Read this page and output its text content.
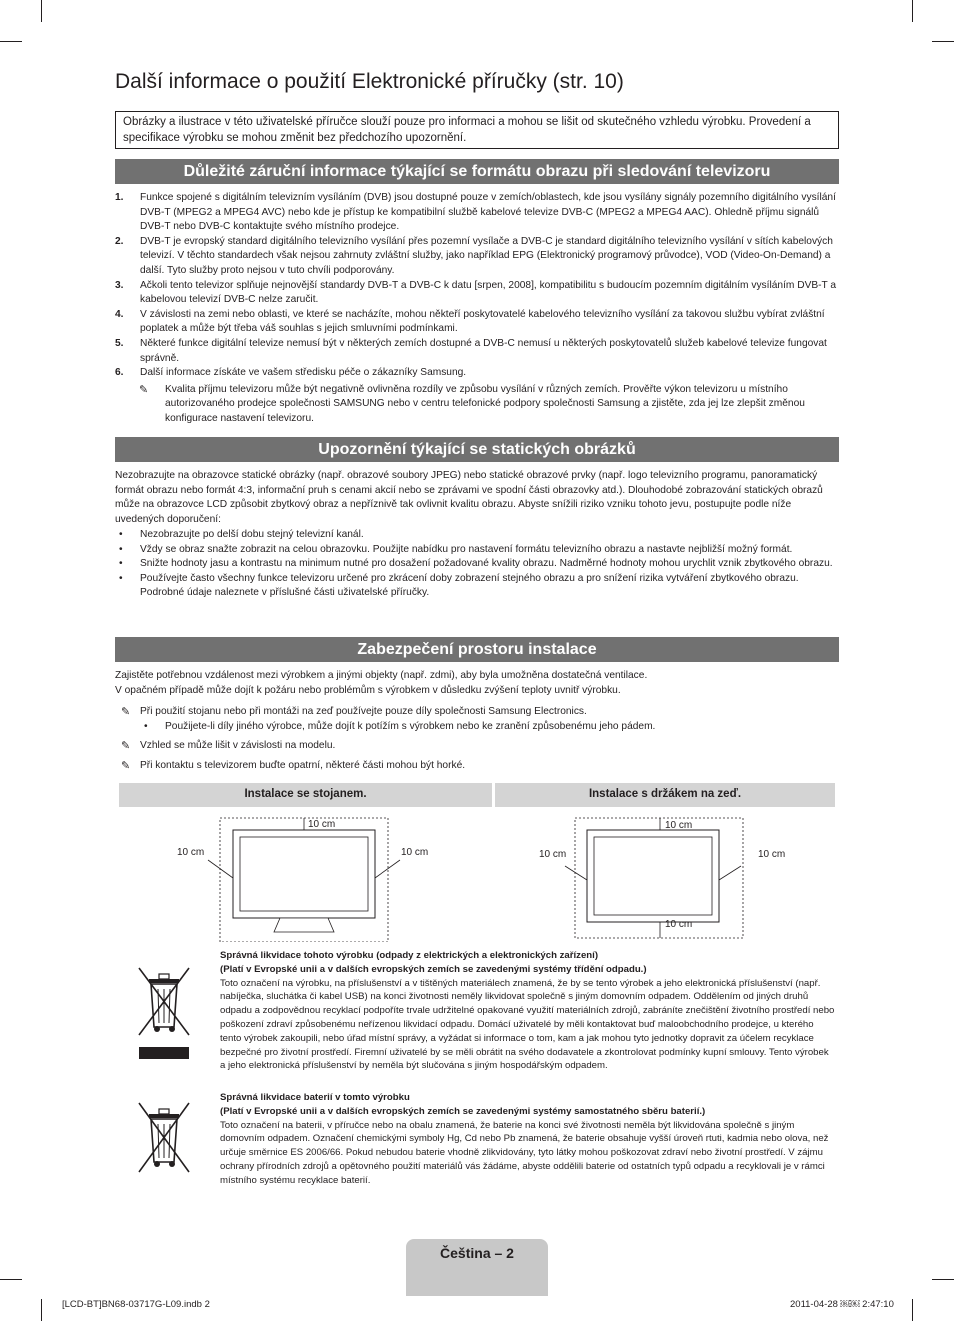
Další informace o použití Elektronické příručky (str. 10)
Obrázky a ilustrace v této uživatelské příručce slouží pouze pro informaci a mohou se lišit od skutečného vzhledu výrobku. Provedení a specifikace výrobku se mohou změnit bez předchozího upozornění.
Důležité záruční informace týkající se formátu obrazu při sledování televizoru
1. Funkce spojené s digitálním televizním vysíláním (DVB) jsou dostupné pouze v zemích/oblastech, kde jsou vysílány signály pozemního digitálního vysílání DVB-T (MPEG2 a MPEG4 AVC) nebo kde je přístup ke kompatibilní službě kabelové televize DVB-C (MPEG2 a MPEG4 AAC). Ohledně příjmu signálů DVB-T nebo DVB-C kontaktujte svého místního prodejce.
2. DVB-T je evropský standard digitálního televizního vysílání přes pozemní vysílače a DVB-C je standard digitálního televizního vysílání v sítích kabelových televizí. V těchto standardech však nejsou zahrnuty zvláštní služby, jako například EPG (Elektronický programový průvodce), VOD (Video-On-Demand) a další. Tyto služby proto nejsou v tuto chvíli podporovány.
3. Ačkoli tento televizor splňuje nejnovější standardy DVB-T a DVB-C k datu [srpen, 2008], kompatibilitu s budoucím pozemním digitálním vysíláním DVB-T a kabelovou televizí DVB-C nelze zaručit.
4. V závislosti na zemi nebo oblasti, ve které se nacházíte, mohou někteří poskytovatelé kabelového televizního vysílání za takovou službu vybírat zvláštní poplatek a může být třeba váš souhlas s jejich smluvními podmínkami.
5. Některé funkce digitální televize nemusí být v některých zemích dostupné a DVB-C nemusí u některých poskytovatelů služeb kabelové televize fungovat správně.
6. Další informace získáte ve vašem středisku péče o zákazníky Samsung.
✎ Kvalita příjmu televizoru může být negativně ovlivněna rozdíly ve způsobu vysílání v různých zemích. Prověřte výkon televizoru u místního autorizovaného prodejce společnosti SAMSUNG nebo v centru telefonické podpory společnosti Samsung a zjistěte, zda jej lze zlepšit změnou konfigurace nastavení televizoru.
Upozornění týkající se statických obrázků

Nezobrazujte na obrazovce statické obrázky (např. obrazové soubory JPEG) nebo statické obrazové prvky (např. logo televizního programu, panoramatický formát obrazu nebo formát 4:3, informační pruh s cenami akcií nebo se zprávami ve spodní části obrazovky atd.). Dlouhodobé zobrazování statických obrazů může na obrazovce LCD způsobit zbytkový obraz a nepříznivě tak ovlivnit kvalitu obrazu. Abyste snížili riziko vzniku tohoto jevu, postupujte podle níže uvedených doporučení:

• Nezobrazujte po delší dobu stejný televizní kanál.
• Vždy se obraz snažte zobrazit na celou obrazovku. Použijte nabídku pro nastavení formátu televizního obrazu a nastavte nejbližší možný formát.
• Snižte hodnoty jasu a kontrastu na minimum nutné pro dosažení požadované kvality obrazu. Nadměrné hodnoty mohou urychlit vznik zbytkového obrazu.
• Používejte často všechny funkce televizoru určené pro zkrácení doby zobrazení stejného obrazu a pro snížení rizika vytváření zbytkového obrazu. Podrobné údaje naleznete v příslušné části uživatelské příručky.
Zabezpečení prostoru instalace
Zajistěte potřebnou vzdálenost mezi výrobkem a jinými objekty (např. zdmi), aby byla umožněna dostatečná ventilace.
V opačném případě může dojít k požáru nebo problémům s výrobkem v důsledku zvýšení teploty uvnitř výrobku.
✎ Při použití stojanu nebo při montáži na zeď používejte pouze díly společnosti Samsung Electronics.
• Použijete-li díly jiného výrobce, může dojít k potížím s výrobkem nebo ke zranění způsobenému jeho pádem.
✎ Vzhled se může lišit v závislosti na modelu.
✎ Při kontaktu s televizorem buďte opatrní, některé části mohou být horké.
Instalace se stojanem.	Instalace s držákem na zeď.
10 cm
10 cm	10 cm
10 cm
10 cm	10 cm
10 cm
Správná likvidace tohoto výrobku (odpady z elektrických a elektronických zařízení)
(Platí v Evropské unii a v dalších evropských zemích se zavedenými systémy třídění odpadu.)
Toto označení na výrobku, na příslušenství a v tištěných materiálech znamená, že by se tento výrobek a jeho elektronická příslušenství (např. nabíječka, sluchátka či kabel USB) na konci životnosti neměly likvidovat společně s jiným domovním odpadem. Oddělením od jiných druhů odpadu a zodpovědnou recyklací podpoříte trvale udržitelné opakované využití materiálních zdrojů, zabráníte znečištění životního prostředí nebo poškození zdraví způsobenému neřízenou likvidací odpadu. Domácí uživatelé by měli kontaktovat buď maloobchodního prodejce, u kterého tento výrobek zakoupili, nebo úřad místní správy, a vyžádat si informace o tom, kam a jak mohou tyto jednotky dopravit za účelem recyklace bezpečné pro životní prostředí. Firemní uživatelé by se měli obrátit na svého dodavatele a zkontrolovat podmínky kupní smlouvy. Tento výrobek a jeho elektronická příslušenství by neměla být slučována s jiným hospodářským odpadem.
Správná likvidace baterií v tomto výrobku
(Platí v Evropské unii a v dalších evropských zemích se zavedenými systémy samostatného sběru baterií.)
Toto označení na baterii, v příručce nebo na obalu znamená, že baterie na konci své životnosti neměla být likvidována společně s jiným domovním odpadem. Označení chemickými symboly Hg, Cd nebo Pb znamená, že baterie obsahuje vyšší úroveň rtuti, kadmia nebo olova, než určuje směrnice ES 2006/66. Pokud nebudou baterie vhodně zlikvidovány, tyto látky mohou poškozovat zdraví nebo životní prostředí. V zájmu ochrany přírodních zdrojů a opětovného použití materiálů vás žádáme, abyste oddělili baterie od ostatních typů odpadu a recyklovali je v rámci místního systému recyklace baterií.
Čeština – 2
[LCD-BT]BN68-03717G-L09.indb 2	2011-04-28 ￼￼ 2:47:10
